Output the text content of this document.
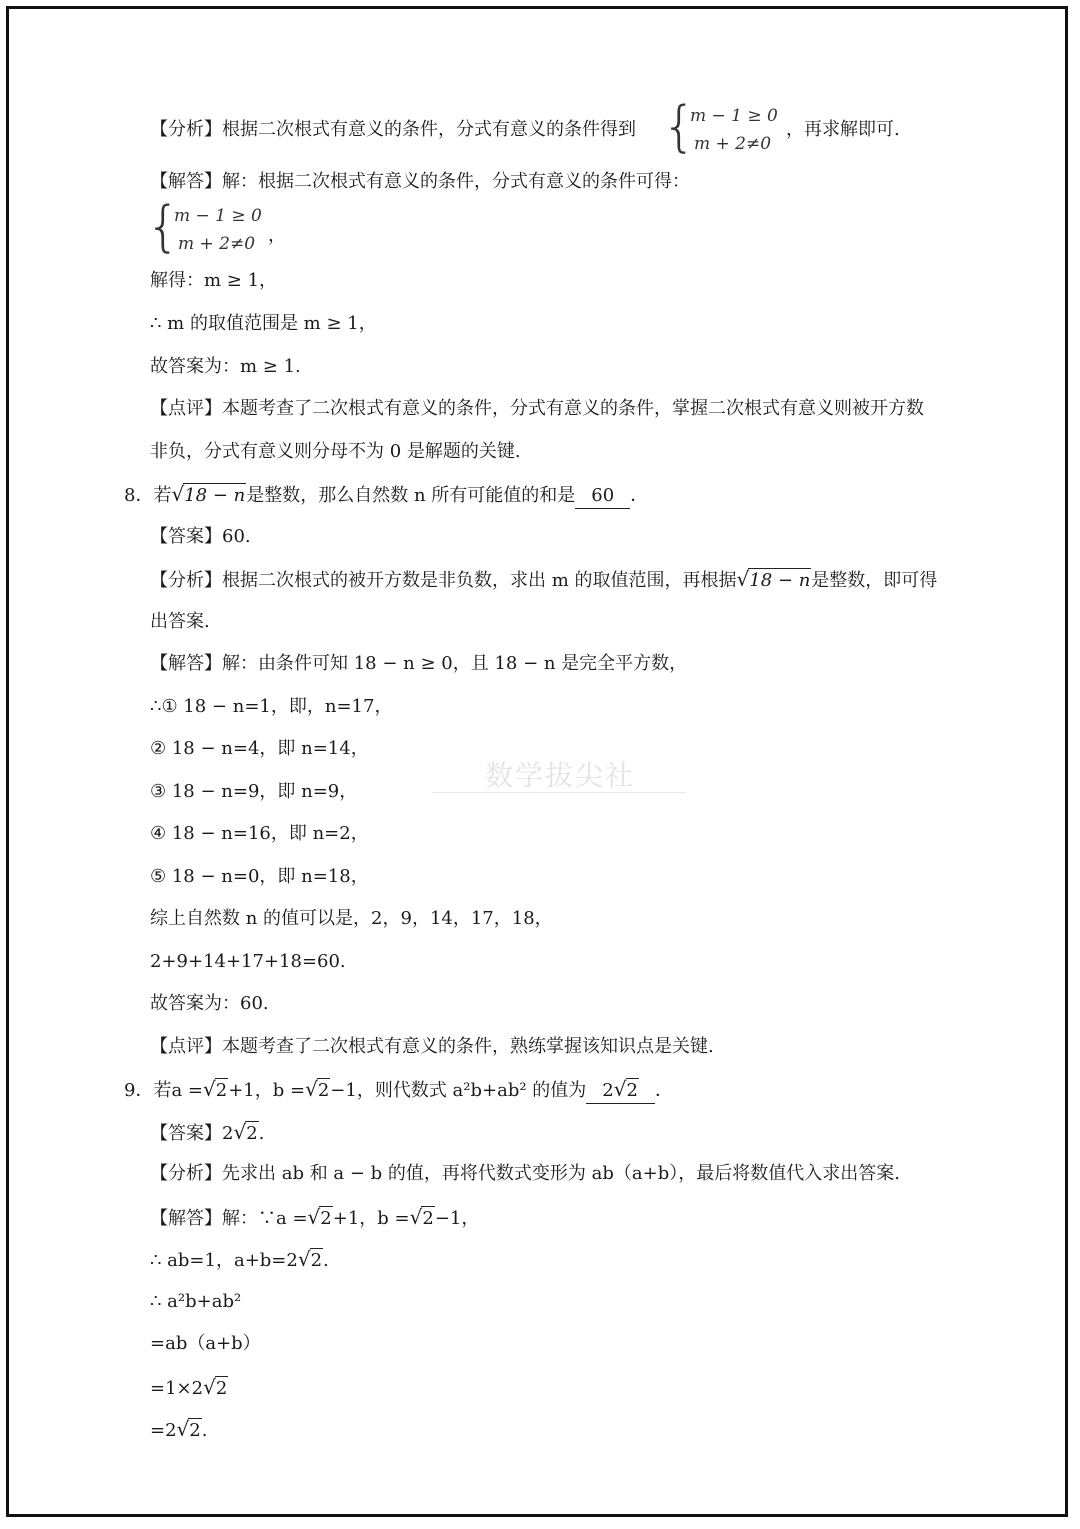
数学拔尖社
【分析】根据二次根式有意义的条件，分式有意义的条件得到 {
m − 1 ≥ 0
m + 2≠0
，再求解即可.
【解答】解：根据二次根式有意义的条件，分式有意义的条件可得：
{
m − 1 ≥ 0
m + 2≠0 ，
解得：m ≥ 1，
∴ m 的取值范围是 m ≥ 1，
故答案为：m ≥ 1.
【点评】本题考查了二次根式有意义的条件，分式有意义的条件，掌握二次根式有意义则被开方数
非负，分式有意义则分母不为 0 是解题的关键.
8．若√18 − n是整数，那么自然数 n 所有可能值的和是 60 ．
【答案】60.
【分析】根据二次根式的被开方数是非负数，求出 m 的取值范围，再根据√18 − n是整数，即可得
出答案.
【解答】解：由条件可知 18 − n ≥ 0，且 18 − n 是完全平方数，
∴① 18 − n=1，即，n=17，
② 18 − n=4，即 n=14，
③ 18 − n=9，即 n=9，
④ 18 − n=16，即 n=2，
⑤ 18 − n=0，即 n=18，
综上自然数 n 的值可以是，2，9，14，17，18，
2+9+14+17+18=60.
故答案为：60.
【点评】本题考查了二次根式有意义的条件，熟练掌握该知识点是关键.
9．若a =√2+1，b =√2−1，则代数式 a²b+ab² 的值为 2√2 ．
【答案】2√2.
【分析】先求出 ab 和 a − b 的值，再将代数式变形为 ab（a+b），最后将数值代入求出答案.
【解答】解：∵a =√2+1，b =√2−1，
∴ ab=1，a+b=2√2.
∴ a²b+ab²
=ab（a+b）
=1×2√2
=2√2.
